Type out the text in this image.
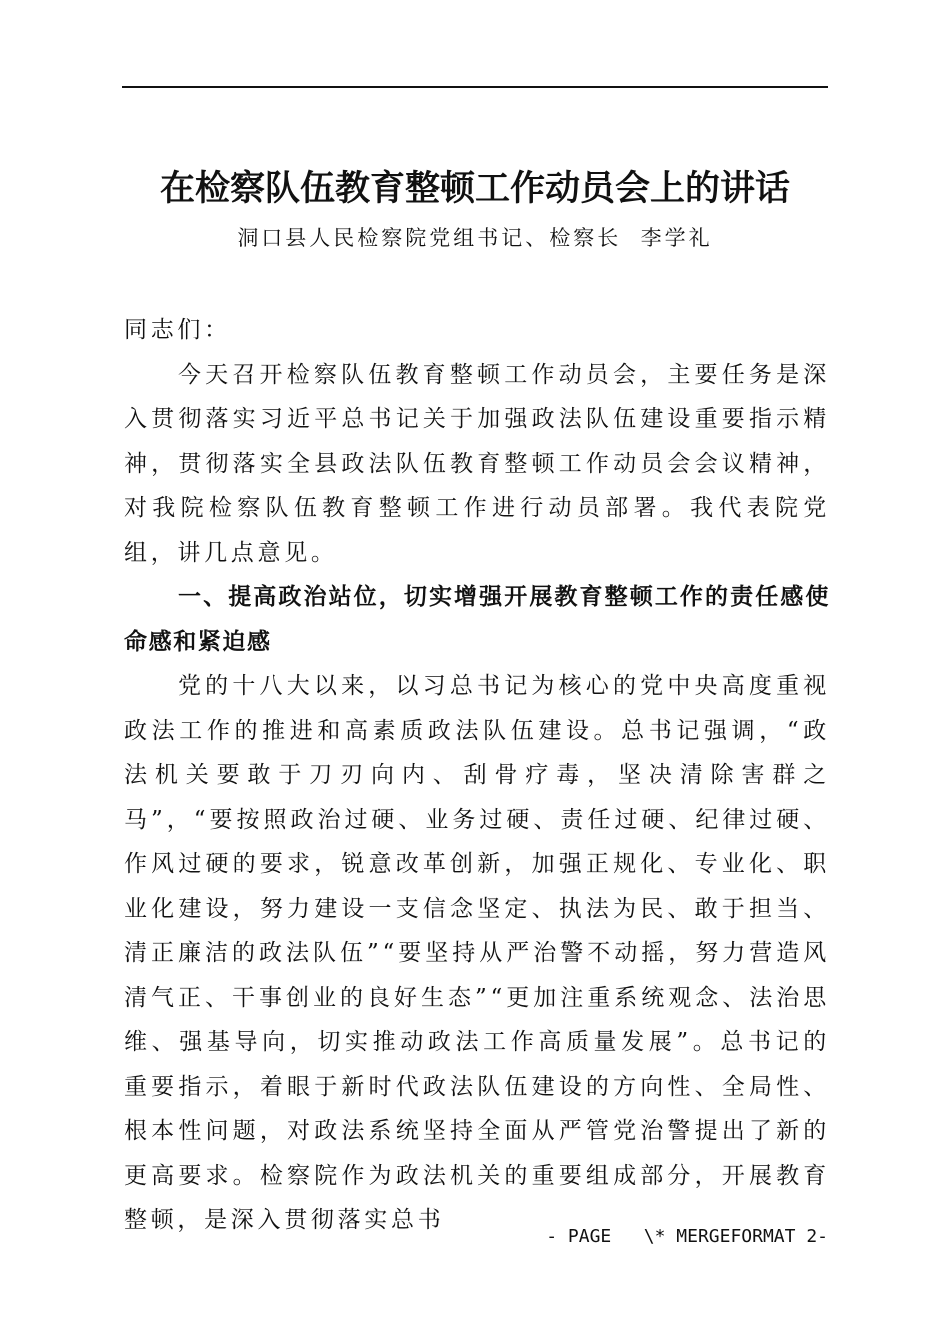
在检察队伍教育整顿工作动员会上的讲话
洞口县人民检察院党组书记、检察长  李学礼

同志们：

今天召开检察队伍教育整顿工作动员会，主要任务是深入贯彻落实习近平总书记关于加强政法队伍建设重要指示精神，贯彻落实全县政法队伍教育整顿工作动员会会议精神，对我院检察队伍教育整顿工作进行动员部署。我代表院党组，讲几点意见。

一、提高政治站位，切实增强开展教育整顿工作的责任感使命感和紧迫感

党的十八大以来，以习总书记为核心的党中央高度重视政法工作的推进和高素质政法队伍建设。总书记强调，“政法机关要敢于刀刃向内、刮骨疗毒，坚决清除害群之马”，“要按照政治过硬、业务过硬、责任过硬、纪律过硬、作风过硬的要求，锐意改革创新，加强正规化、专业化、职业化建设，努力建设一支信念坚定、执法为民、敢于担当、清正廉洁的政法队伍”“要坚持从严治警不动摇，努力营造风清气正、干事创业的良好生态”“更加注重系统观念、法治思维、强基导向，切实推动政法工作高质量发展”。总书记的重要指示，着眼于新时代政法队伍建设的方向性、全局性、根本性问题，对政法系统坚持全面从严管党治警提出了新的更高要求。检察院作为政法机关的重要组成部分，开展教育整顿，是深入贯彻落实总书

- PAGE   \* MERGEFORMAT 2-
